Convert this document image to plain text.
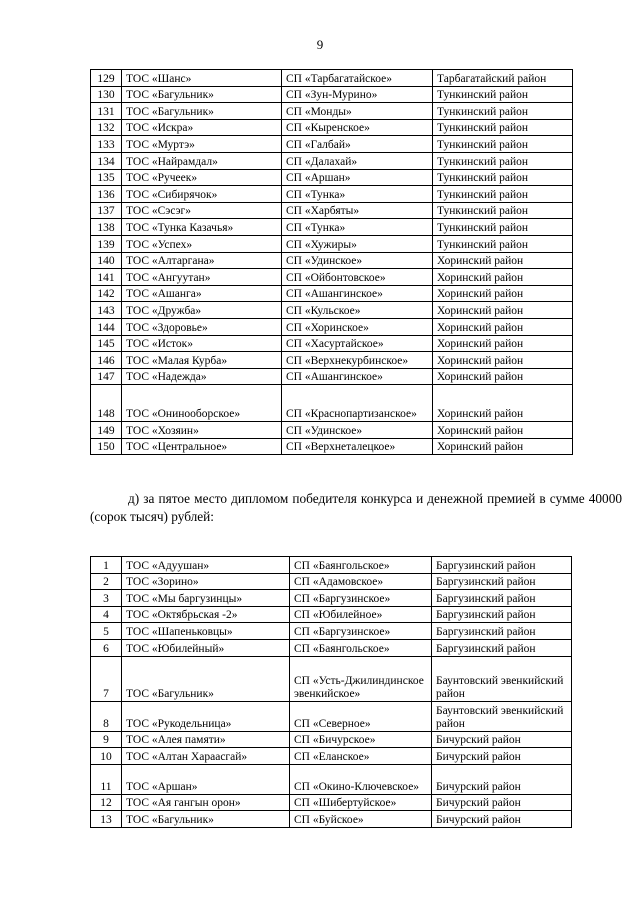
9
129	ТОС «Шанс»	СП «Тарбагатайское»	Тарбагатайский район
130	ТОС «Багульник»	СП «Зун-Мурино»	Тункинский район
131	ТОС «Багульник»	СП «Монды»	Тункинский район
132	ТОС «Искра»	СП «Кыренское»	Тункинский район
133	ТОС «Муртэ»	СП «Галбай»	Тункинский район
134	ТОС «Найрамдал»	СП «Далахай»	Тункинский район
135	ТОС «Ручеек»	СП «Аршан»	Тункинский район
136	ТОС «Сибирячок»	СП «Тунка»	Тункинский район
137	ТОС «Сэсэг»	СП «Харбяты»	Тункинский район
138	ТОС «Тунка Казачья»	СП «Тунка»	Тункинский район
139	ТОС «Успех»	СП «Хужиры»	Тункинский район
140	ТОС «Алтаргана»	СП «Удинское»	Хоринский район
141	ТОС «Ангуутан»	СП «Ойбонтовское»	Хоринский район
142	ТОС «Ашанга»	СП «Ашангинское»	Хоринский район
143	ТОС «Дружба»	СП «Кульское»	Хоринский район
144	ТОС «Здоровье»	СП «Хоринское»	Хоринский район
145	ТОС «Исток»	СП «Хасуртайское»	Хоринский район
146	ТОС «Малая Курба»	СП «Верхнекурбинское»	Хоринский район
147	ТОС «Надежда»	СП «Ашангинское»	Хоринский район
148	ТОС «Онинооборское»	СП «Краснопартизанское»	Хоринский район
149	ТОС «Хозяин»	СП «Удинское»	Хоринский район
150	ТОС «Центральное»	СП «Верхнеталецкое»	Хоринский район
д) за пятое место дипломом победителя конкурса и денежной премией в сумме 40000 (сорок тысяч) рублей:
1	ТОС «Адуушан»	СП «Баянгольское»	Баргузинский район
2	ТОС «Зорино»	СП «Адамовское»	Баргузинский район
3	ТОС «Мы баргузинцы»	СП «Баргузинское»	Баргузинский район
4	ТОС «Октябрьская -2»	СП «Юбилейное»	Баргузинский район
5	ТОС «Шапеньковцы»	СП «Баргузинское»	Баргузинский район
6	ТОС «Юбилейный»	СП «Баянгольское»	Баргузинский район
7	ТОС «Багульник»	СП «Усть-Джилиндинское эвенкийское»	Баунтовский эвенкийский район
8	ТОС «Рукодельница»	СП «Северное»	Баунтовский эвенкийский район
9	ТОС «Алея памяти»	СП «Бичурское»	Бичурский район
10	ТОС «Алтан Хараасгай»	СП «Еланское»	Бичурский район
11	ТОС «Аршан»	СП «Окино-Ключевское»	Бичурский район
12	ТОС «Ая гангын орон»	СП «Шибертуйское»	Бичурский район
13	ТОС «Багульник»	СП «Буйское»	Бичурский район
